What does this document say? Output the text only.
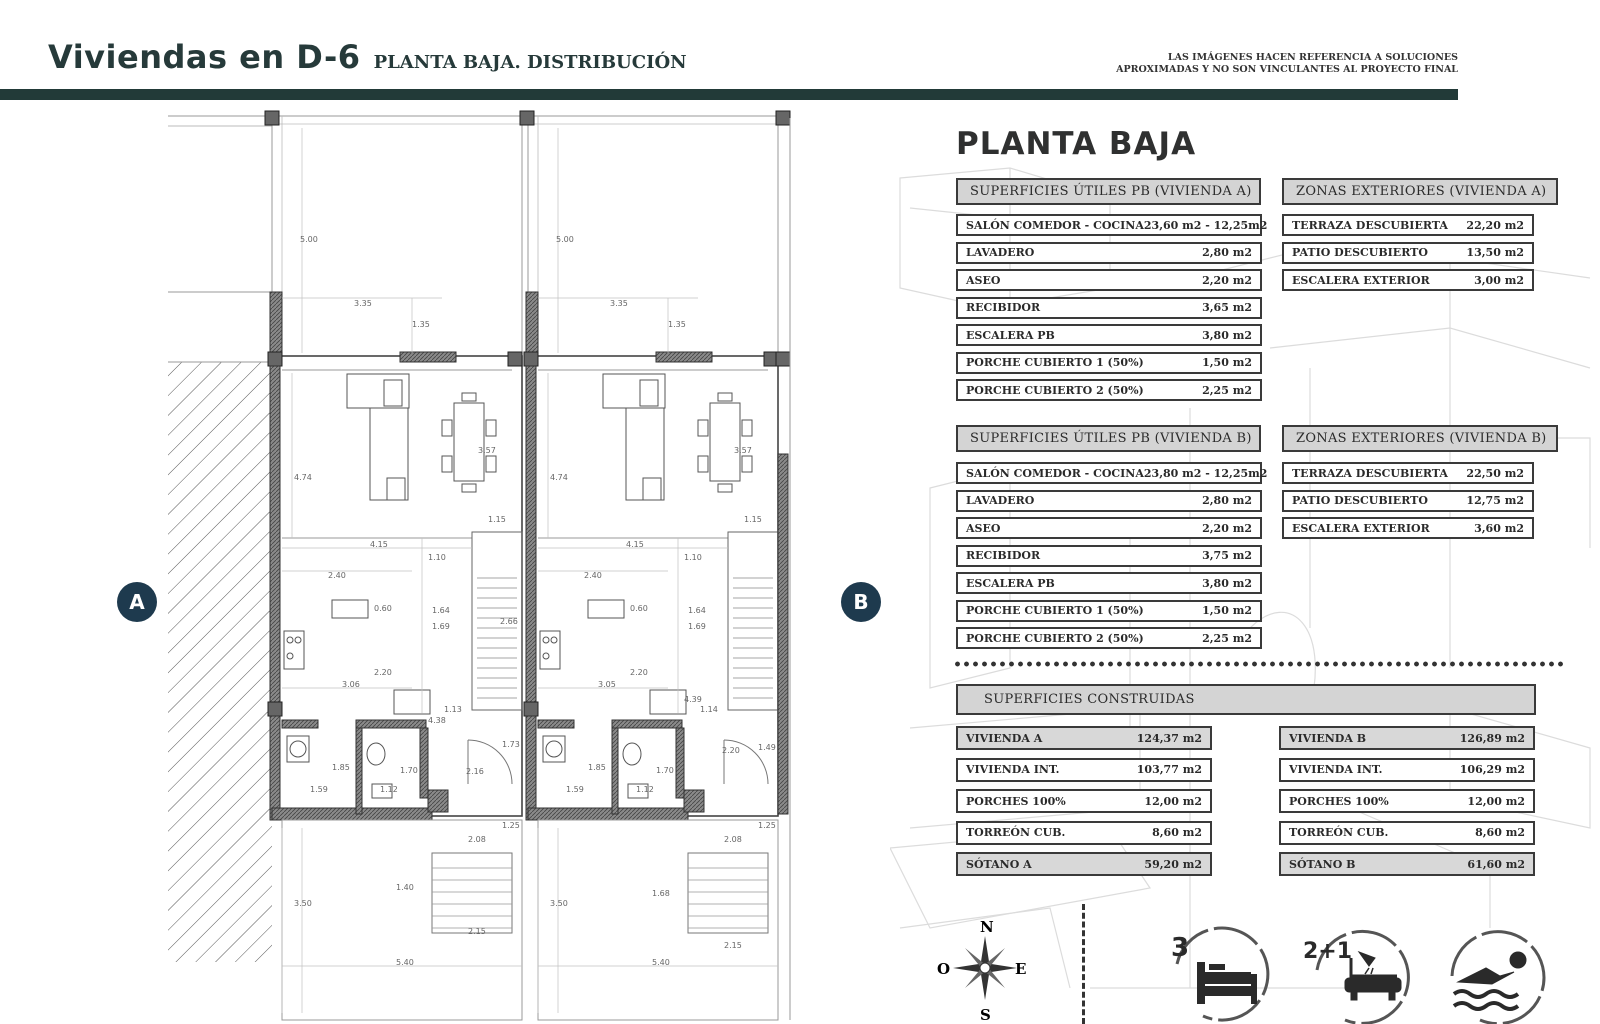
Viviendas en D-6 PLANTA BAJA. DISTRIBUCIÓN	LAS IMÁGENES HACEN REFERENCIA A SOLUCIONES
APROXIMADAS Y NO SON VINCULANTES AL PROYECTO FINAL
5.00
3.35
1.35
3.57
4.74
1.15
4.15
1.10
2.40
0.60	1.64
1.69
2.20
3.06
1.13
4.38
1.73
2.16
1.85	1.70
1.59	1.12
1.25
2.08
1.40
3.50
2.15
5.40
2.66
5.00
3.35
1.35
3.57
4.74
1.15
4.15
1.10
2.40
0.60	1.64
1.69
2.20
3.05
1.14
4.39
1.49
2.20
1.85	1.70
1.59	1.12
1.25
2.08
1.68
3.50
2.15
5.40
A	B
PLANTA BAJA
SUPERFICIES ÚTILES PB (VIVIENDA A)
SALÓN COMEDOR - COCINA 23,60 m2 - 12,25m2
LAVADERO	2,80 m2
ASEO	2,20 m2
RECIBIDOR	3,65 m2
ESCALERA PB	3,80 m2
PORCHE CUBIERTO 1 (50%)	1,50 m2
PORCHE CUBIERTO 2 (50%)	2,25 m2
ZONAS EXTERIORES (VIVIENDA A)
TERRAZA DESCUBIERTA 22,20 m2
PATIO DESCUBIERTO	13,50 m2
ESCALERA EXTERIOR	3,00 m2
SUPERFICIES ÚTILES PB (VIVIENDA B)
SALÓN COMEDOR - COCINA 23,80 m2 - 12,25m2
LAVADERO	2,80 m2
ASEO	2,20 m2
RECIBIDOR	3,75 m2
ESCALERA PB	3,80 m2
PORCHE CUBIERTO 1 (50%)	1,50 m2
PORCHE CUBIERTO 2 (50%)	2,25 m2
ZONAS EXTERIORES (VIVIENDA B)
TERRAZA DESCUBIERTA 22,50 m2
PATIO DESCUBIERTO	12,75 m2
ESCALERA EXTERIOR	3,60 m2
SUPERFICIES CONSTRUIDAS
VIVIENDA A	124,37 m2
VIVIENDA INT.	103,77 m2
PORCHES 100%	12,00 m2
TORREÓN CUB.	8,60 m2
SÓTANO A	59,20 m2
VIVIENDA B	126,89 m2
VIVIENDA INT.	106,29 m2
PORCHES 100%	12,00 m2
TORREÓN CUB.	8,60 m2
SÓTANO B	61,60 m2
N
S
E
O
3	2+1
